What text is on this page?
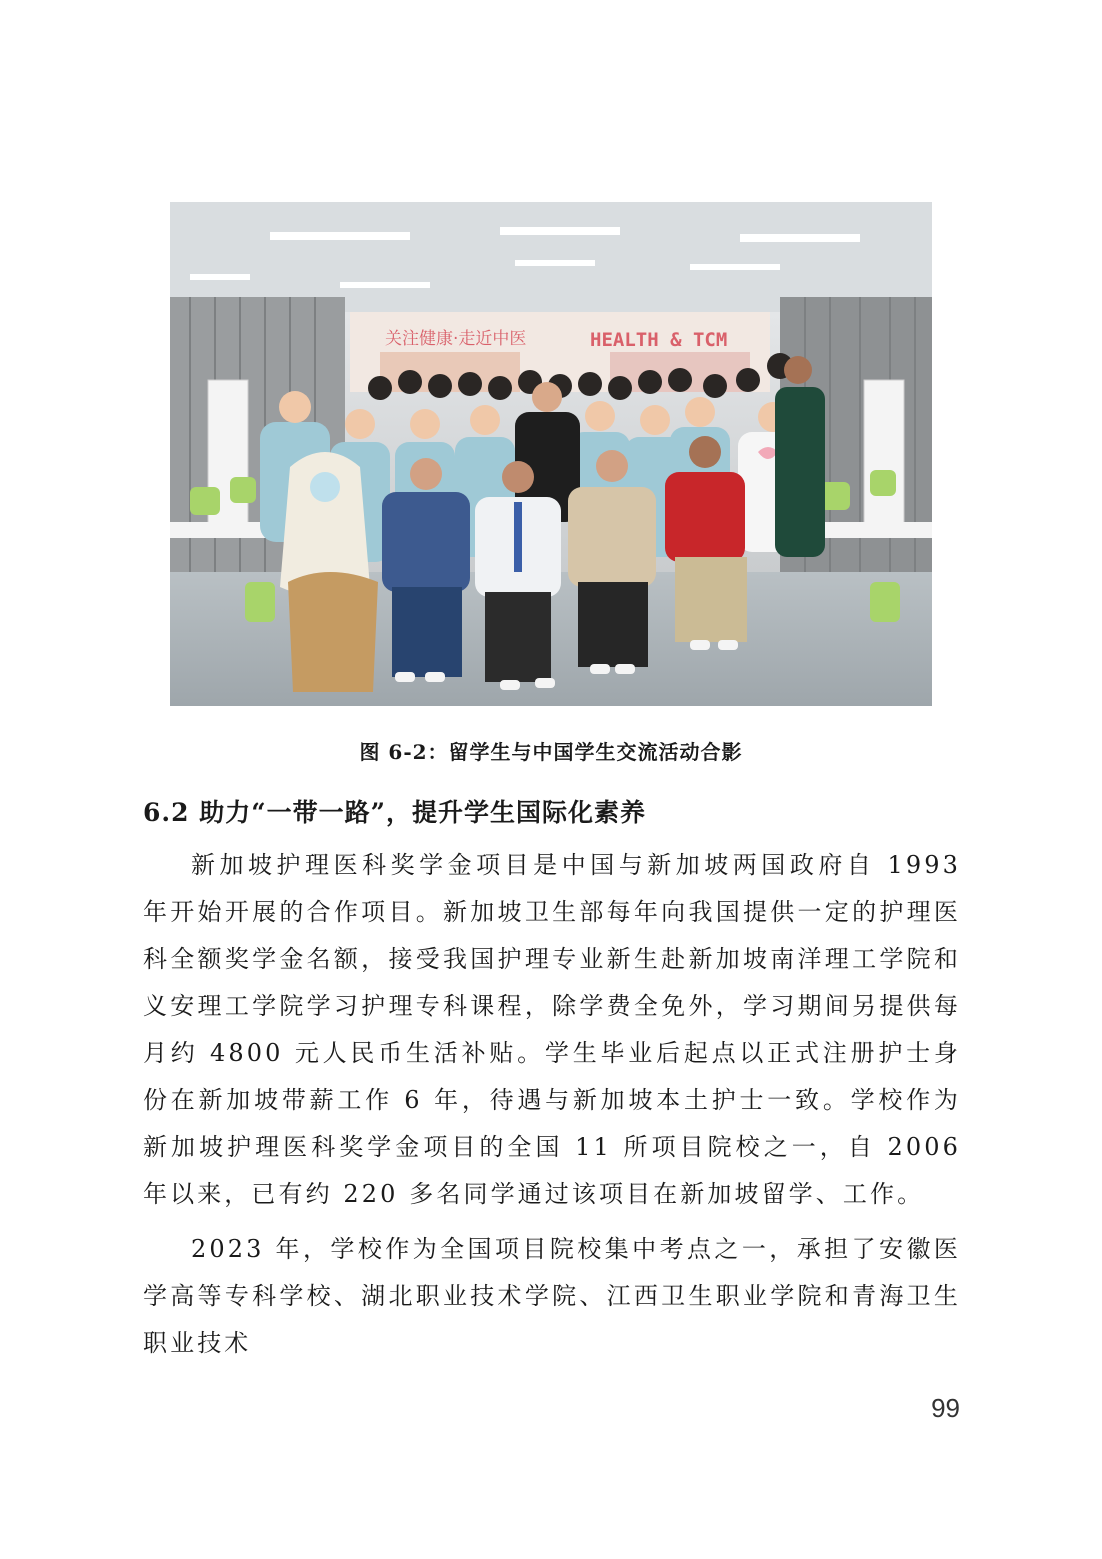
关注健康·走近中医	HEALTH & TCM
图 6-2：留学生与中国学生交流活动合影
6.2 助力“一带一路”，提升学生国际化素养

新加坡护理医科奖学金项目是中国与新加坡两国政府自 1993 年开始开展的合作项目。新加坡卫生部每年向我国提供一定的护理医科全额奖学金名额，接受我国护理专业新生赴新加坡南洋理工学院和义安理工学院学习护理专科课程，除学费全免外，学习期间另提供每月约 4800 元人民币生活补贴。学生毕业后起点以正式注册护士身份在新加坡带薪工作 6 年，待遇与新加坡本土护士一致。学校作为新加坡护理医科奖学金项目的全国 11 所项目院校之一，自 2006 年以来，已有约 220 多名同学通过该项目在新加坡留学、工作。

2023 年，学校作为全国项目院校集中考点之一，承担了安徽医学高等专科学校、湖北职业技术学院、江西卫生职业学院和青海卫生职业技术

99
